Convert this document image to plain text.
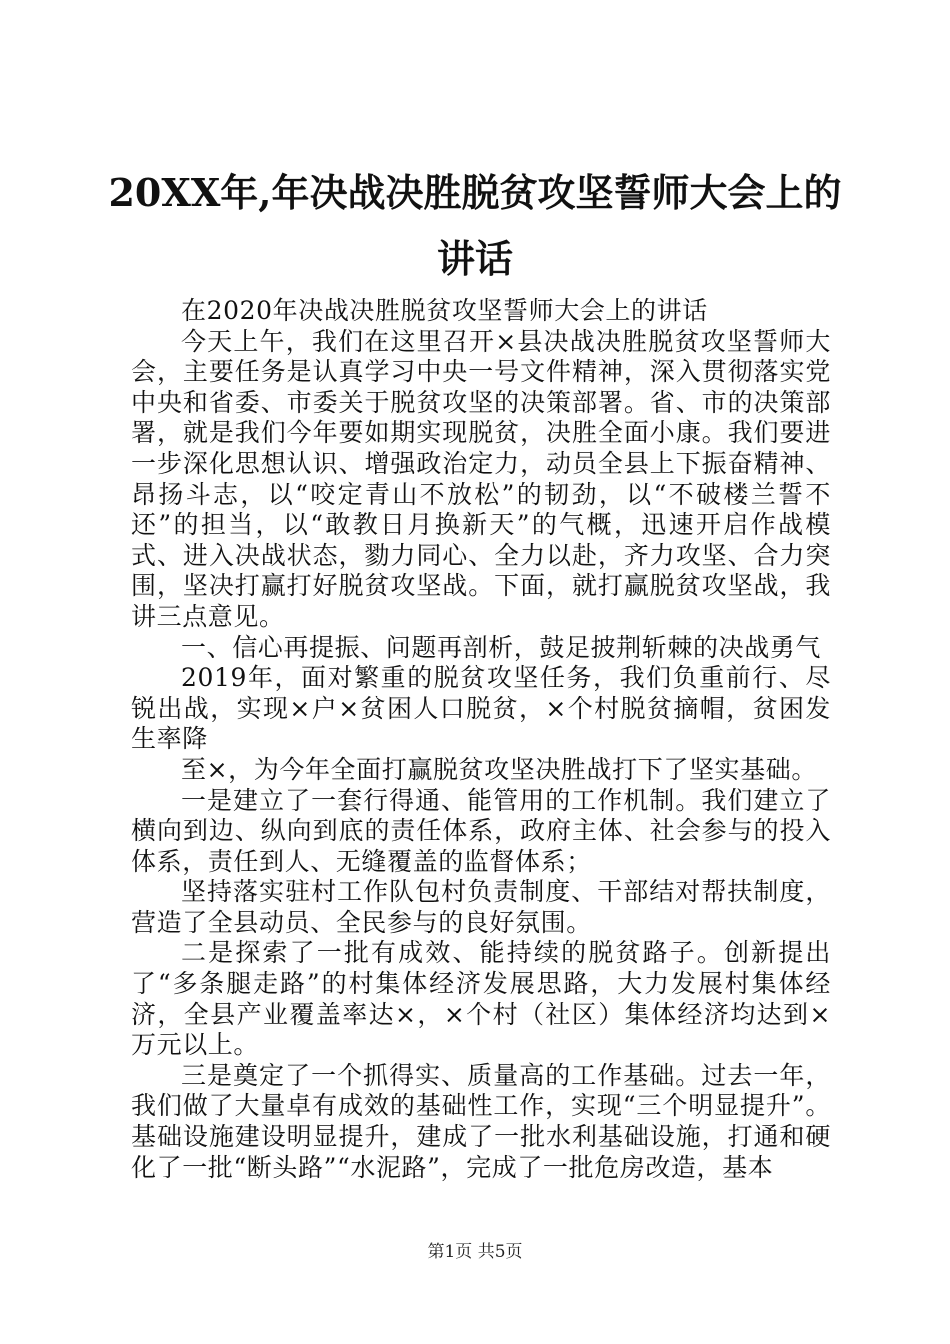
20XX年,年决战决胜脱贫攻坚誓师大会上的讲话

在2020年决战决胜脱贫攻坚誓师大会上的讲话

今天上午，我们在这里召开×县决战决胜脱贫攻坚誓师大会，主要任务是认真学习中央一号文件精神，深入贯彻落实党中央和省委、市委关于脱贫攻坚的决策部署。省、市的决策部署，就是我们今年要如期实现脱贫，决胜全面小康。我们要进一步深化思想认识、增强政治定力，动员全县上下振奋精神、昂扬斗志，以“咬定青山不放松”的韧劲，以“不破楼兰誓不还”的担当，以“敢教日月换新天”的气概，迅速开启作战模式、进入决战状态，勠力同心、全力以赴，齐力攻坚、合力突围，坚决打赢打好脱贫攻坚战。下面，就打赢脱贫攻坚战，我讲三点意见。

一、信心再提振、问题再剖析，鼓足披荆斩棘的决战勇气

2019年，面对繁重的脱贫攻坚任务，我们负重前行、尽锐出战，实现×户×贫困人口脱贫，×个村脱贫摘帽，贫困发生率降

至×，为今年全面打赢脱贫攻坚决胜战打下了坚实基础。

一是建立了一套行得通、能管用的工作机制。我们建立了横向到边、纵向到底的责任体系，政府主体、社会参与的投入体系，责任到人、无缝覆盖的监督体系；

坚持落实驻村工作队包村负责制度、干部结对帮扶制度，营造了全县动员、全民参与的良好氛围。

二是探索了一批有成效、能持续的脱贫路子。创新提出了“多条腿走路”的村集体经济发展思路，大力发展村集体经济，全县产业覆盖率达×，×个村（社区）集体经济均达到×万元以上。

三是奠定了一个抓得实、质量高的工作基础。过去一年，我们做了大量卓有成效的基础性工作，实现“三个明显提升”。基础设施建设明显提升，建成了一批水利基础设施，打通和硬化了一批“断头路”“水泥路”，完成了一批危房改造，基本

第1页 共5页
